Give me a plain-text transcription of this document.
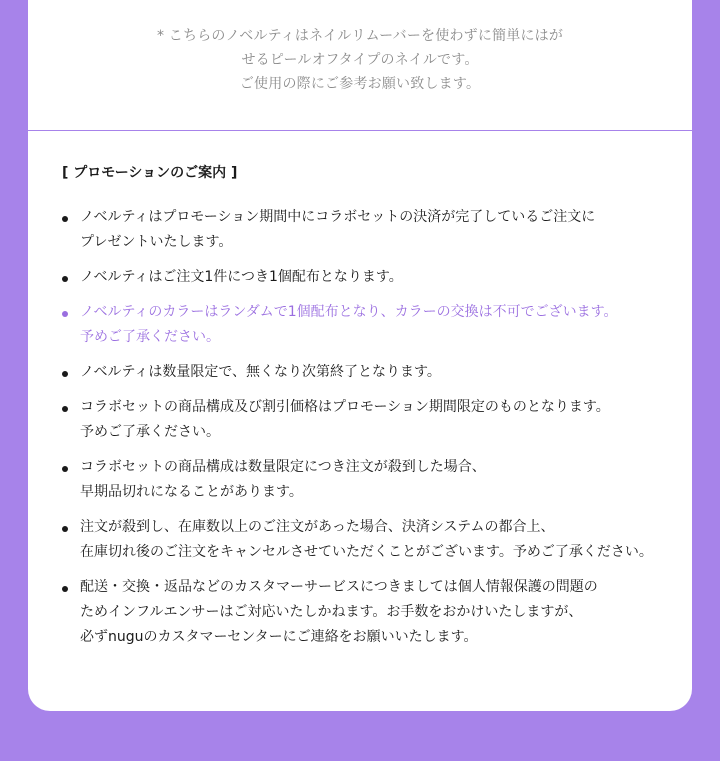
* こちらのノベルティはネイルリムーバーを使わずに簡単にはが
せるピールオフタイプのネイルです。
ご使用の際にご参考お願い致します。
[ プロモーションのご案内 ]
ノベルティはプロモーション期間中にコラボセットの決済が完了しているご注文に
プレゼントいたします。
ノベルティはご注文1件につき1個配布となります。
ノベルティのカラーはランダムで1個配布となり、カラーの交換は不可でございます。
予めご了承ください。
ノベルティは数量限定で、無くなり次第終了となります。
コラボセットの商品構成及び割引価格はプロモーション期間限定のものとなります。
予めご了承ください。
コラボセットの商品構成は数量限定につき注文が殺到した場合、
早期品切れになることがあります。
注文が殺到し、在庫数以上のご注文があった場合、決済システムの都合上、
在庫切れ後のご注文をキャンセルさせていただくことがございます。予めご了承ください。
配送・交換・返品などのカスタマーサービスにつきましては個人情報保護の問題の
ためインフルエンサーはご対応いたしかねます。お手数をおかけいたしますが、
必ずnuguのカスタマーセンターにご連絡をお願いいたします。
